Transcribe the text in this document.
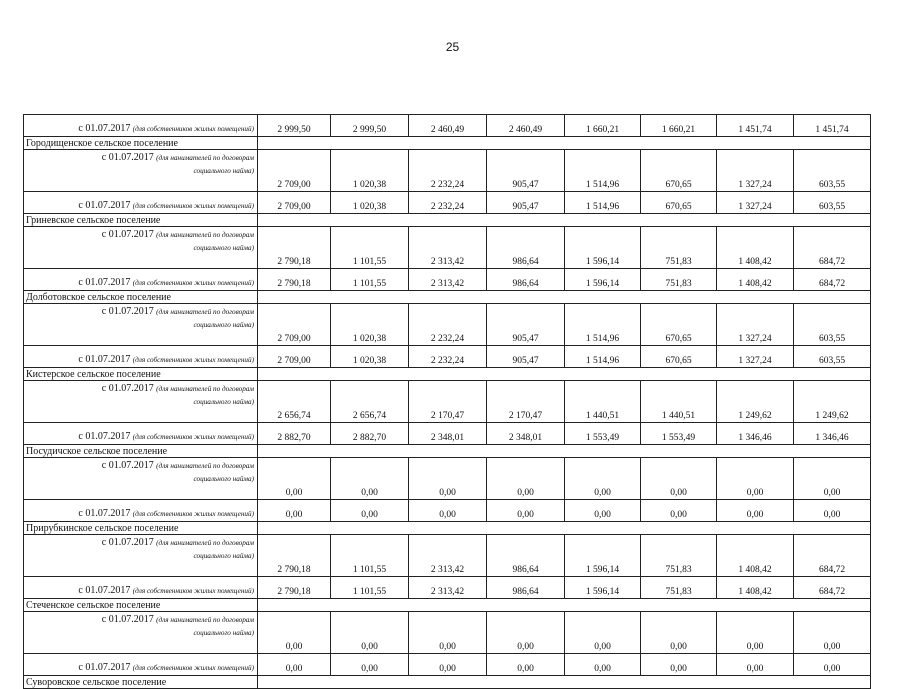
25
с 01.07.2017 (для собственников жилых помещений)	2 999,50	2 999,50	2 460,49	2 460,49	1 660,21	1 660,21	1 451,74	1 451,74
Городищенское сельское поселение								
с 01.07.2017 (для нанимателей по договорам
социального найма)	2 709,00	1 020,38	2 232,24	905,47	1 514,96	670,65	1 327,24	603,55
с 01.07.2017 (для собственников жилых помещений)	2 709,00	1 020,38	2 232,24	905,47	1 514,96	670,65	1 327,24	603,55
Гриневское сельское поселение								
с 01.07.2017 (для нанимателей по договорам
социального найма)	2 790,18	1 101,55	2 313,42	986,64	1 596,14	751,83	1 408,42	684,72
с 01.07.2017 (для собственников жилых помещений)	2 790,18	1 101,55	2 313,42	986,64	1 596,14	751,83	1 408,42	684,72
Долботовское сельское поселение								
с 01.07.2017 (для нанимателей по договорам
социального найма)	2 709,00	1 020,38	2 232,24	905,47	1 514,96	670,65	1 327,24	603,55
с 01.07.2017 (для собственников жилых помещений)	2 709,00	1 020,38	2 232,24	905,47	1 514,96	670,65	1 327,24	603,55
Кистерское сельское поселение								
с 01.07.2017 (для нанимателей по договорам
социального найма)	2 656,74	2 656,74	2 170,47	2 170,47	1 440,51	1 440,51	1 249,62	1 249,62
с 01.07.2017 (для собственников жилых помещений)	2 882,70	2 882,70	2 348,01	2 348,01	1 553,49	1 553,49	1 346,46	1 346,46
Посудичское сельское поселение								
с 01.07.2017 (для нанимателей по договорам
социального найма)	0,00	0,00	0,00	0,00	0,00	0,00	0,00	0,00
с 01.07.2017 (для собственников жилых помещений)	0,00	0,00	0,00	0,00	0,00	0,00	0,00	0,00
Прирубкинское сельское поселение								
с 01.07.2017 (для нанимателей по договорам
социального найма)	2 790,18	1 101,55	2 313,42	986,64	1 596,14	751,83	1 408,42	684,72
с 01.07.2017 (для собственников жилых помещений)	2 790,18	1 101,55	2 313,42	986,64	1 596,14	751,83	1 408,42	684,72
Стеченское сельское поселение								
с 01.07.2017 (для нанимателей по договорам
социального найма)	0,00	0,00	0,00	0,00	0,00	0,00	0,00	0,00
с 01.07.2017 (для собственников жилых помещений)	0,00	0,00	0,00	0,00	0,00	0,00	0,00	0,00
Суворовское сельское поселение								
